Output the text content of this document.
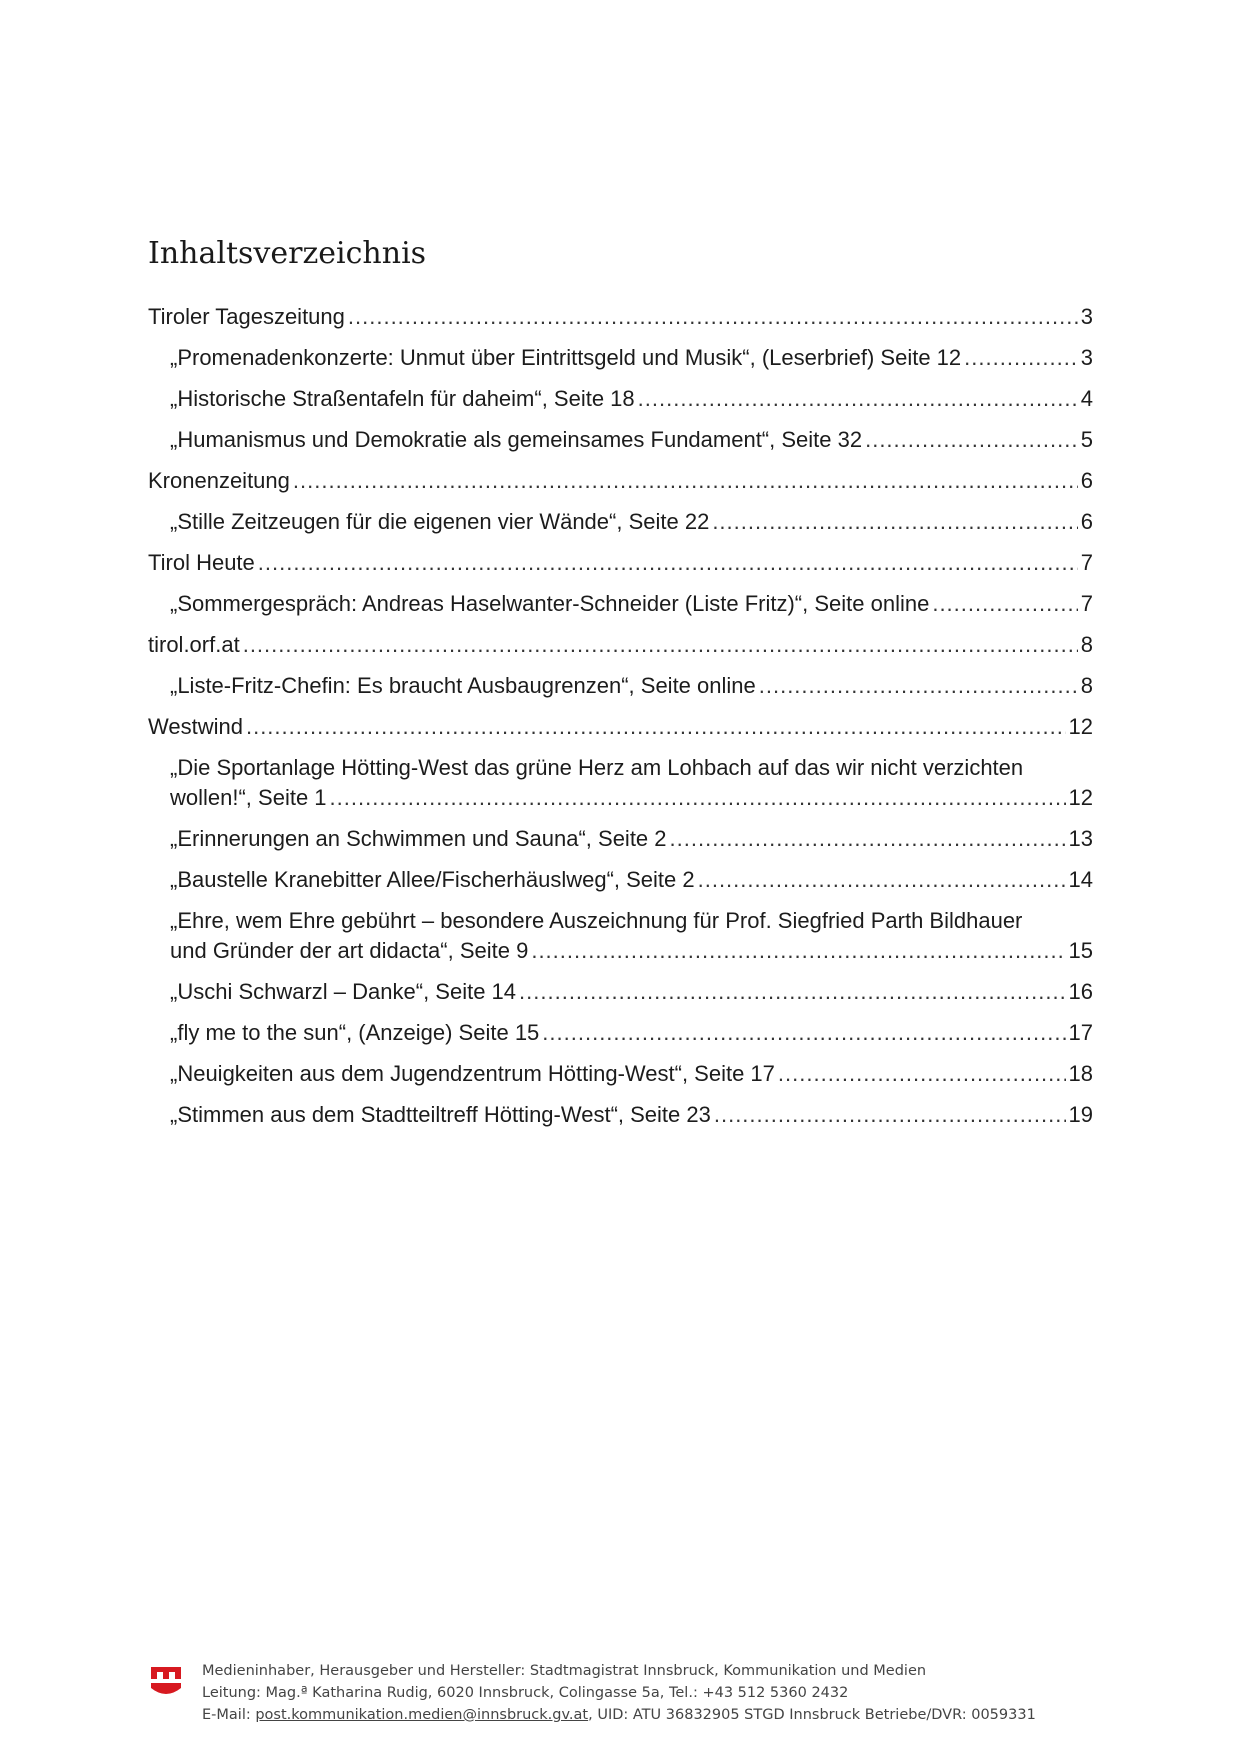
Inhaltsverzeichnis
Tiroler Tageszeitung .....	3
„Promenadenkonzerte: Unmut über Eintrittsgeld und Musik“, (Leserbrief) Seite 12 .....	3
„Historische Straßentafeln für daheim“, Seite 18 .....	4
„Humanismus und Demokratie als gemeinsames Fundament“, Seite 32 .....	5
Kronenzeitung .....	6
„Stille Zeitzeugen für die eigenen vier Wände“, Seite 22 .....	6
Tirol Heute .....	7
„Sommergespräch: Andreas Haselwanter-Schneider (Liste Fritz)“, Seite online .....	7
tirol.orf.at .....	8
„Liste-Fritz-Chefin: Es braucht Ausbaugrenzen“, Seite online .....	8
Westwind .....	12
„Die Sportanlage Hötting-West das grüne Herz am Lohbach auf das wir nicht verzichten
wollen!“, Seite 1 .....	12
„Erinnerungen an Schwimmen und Sauna“, Seite 2 .....	13
„Baustelle Kranebitter Allee/Fischerhäuslweg“, Seite 2 .....	14
„Ehre, wem Ehre gebührt – besondere Auszeichnung für Prof. Siegfried Parth Bildhauer
und Gründer der art didacta“, Seite 9 .....	15
„Uschi Schwarzl – Danke“, Seite 14 .....	16
„fly me to the sun“, (Anzeige) Seite 15 .....	17
„Neuigkeiten aus dem Jugendzentrum Hötting-West“, Seite 17 .....	18
„Stimmen aus dem Stadtteiltreff Hötting-West“, Seite 23 .....	19
Medieninhaber, Herausgeber und Hersteller: Stadtmagistrat Innsbruck, Kommunikation und Medien
Leitung: Mag.ª Katharina Rudig, 6020 Innsbruck, Colingasse 5a, Tel.: +43 512 5360 2432
E-Mail: post.kommunikation.medien@innsbruck.gv.at, UID: ATU 36832905 STGD Innsbruck Betriebe/DVR: 0059331
